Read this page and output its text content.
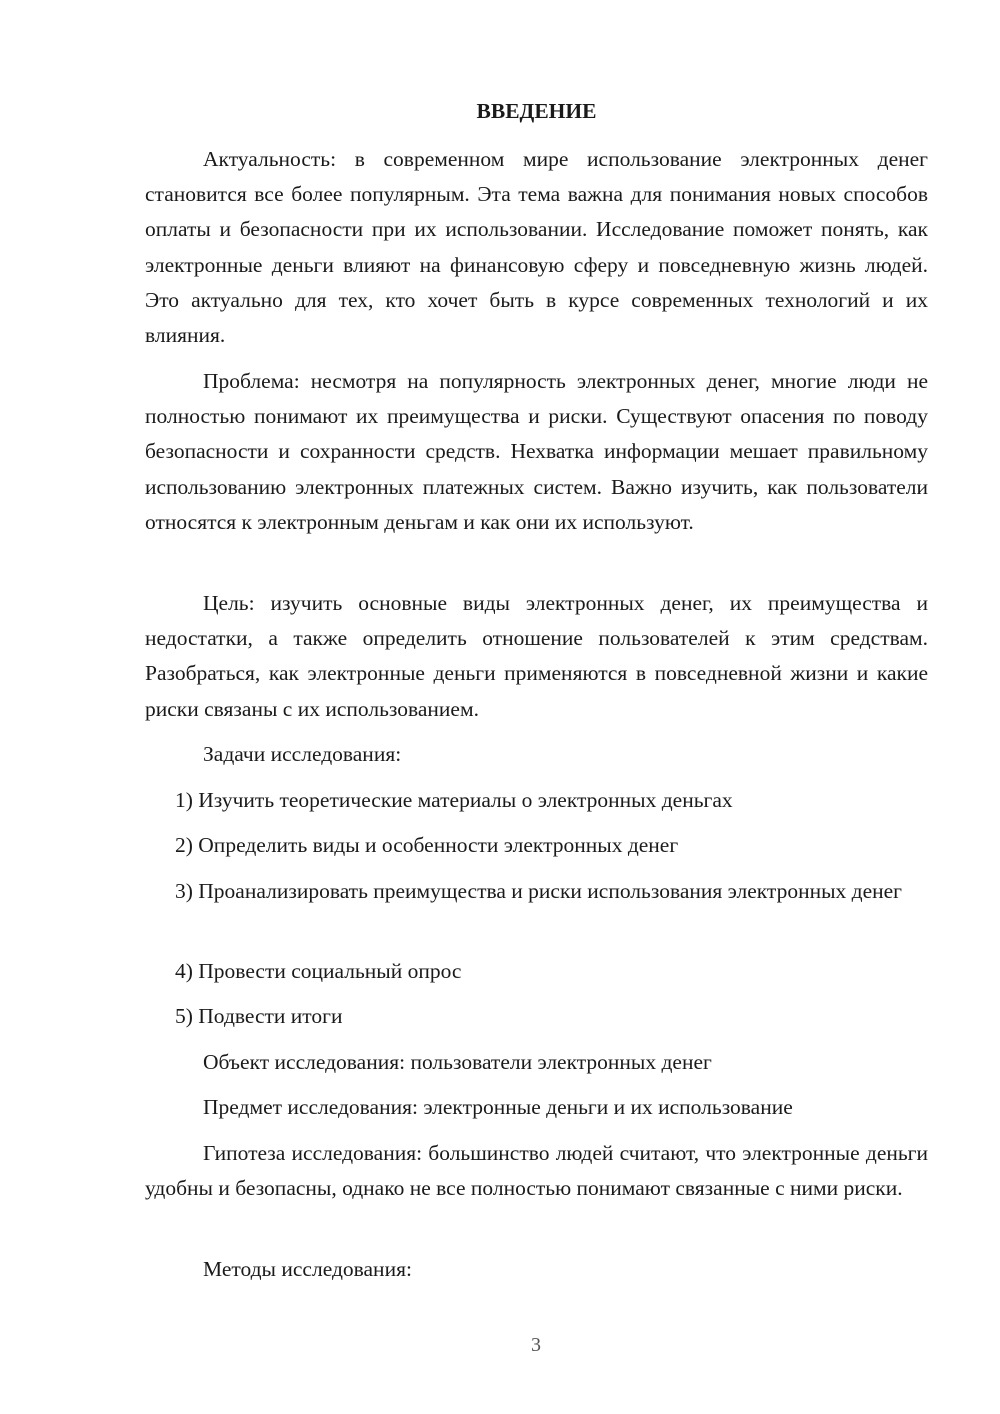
ВВЕДЕНИЕ

Актуальность: в современном мире использование электронных денег становится все более популярным. Эта тема важна для понимания новых способов оплаты и безопасности при их использовании. Исследование поможет понять, как электронные деньги влияют на финансовую сферу и повседневную жизнь людей. Это актуально для тех, кто хочет быть в курсе современных технологий и их влияния.

Проблема: несмотря на популярность электронных денег, многие люди не полностью понимают их преимущества и риски. Существуют опасения по поводу безопасности и сохранности средств. Нехватка информации мешает правильному использованию электронных платежных систем. Важно изучить, как пользователи относятся к электронным деньгам и как они их используют.

Цель: изучить основные виды электронных денег, их преимущества и недостатки, а также определить отношение пользователей к этим средствам. Разобраться, как электронные деньги применяются в повседневной жизни и какие риски связаны с их использованием.

Задачи исследования:

1) Изучить теоретические материалы о электронных деньгах

2) Определить виды и особенности электронных денег

3) Проанализировать преимущества и риски использования электронных денег

4) Провести социальный опрос

5) Подвести итоги

Объект исследования: пользователи электронных денег

Предмет исследования: электронные деньги и их использование

Гипотеза исследования: большинство людей считают, что электронные деньги удобны и безопасны, однако не все полностью понимают связанные с ними риски.

Методы исследования:

3
